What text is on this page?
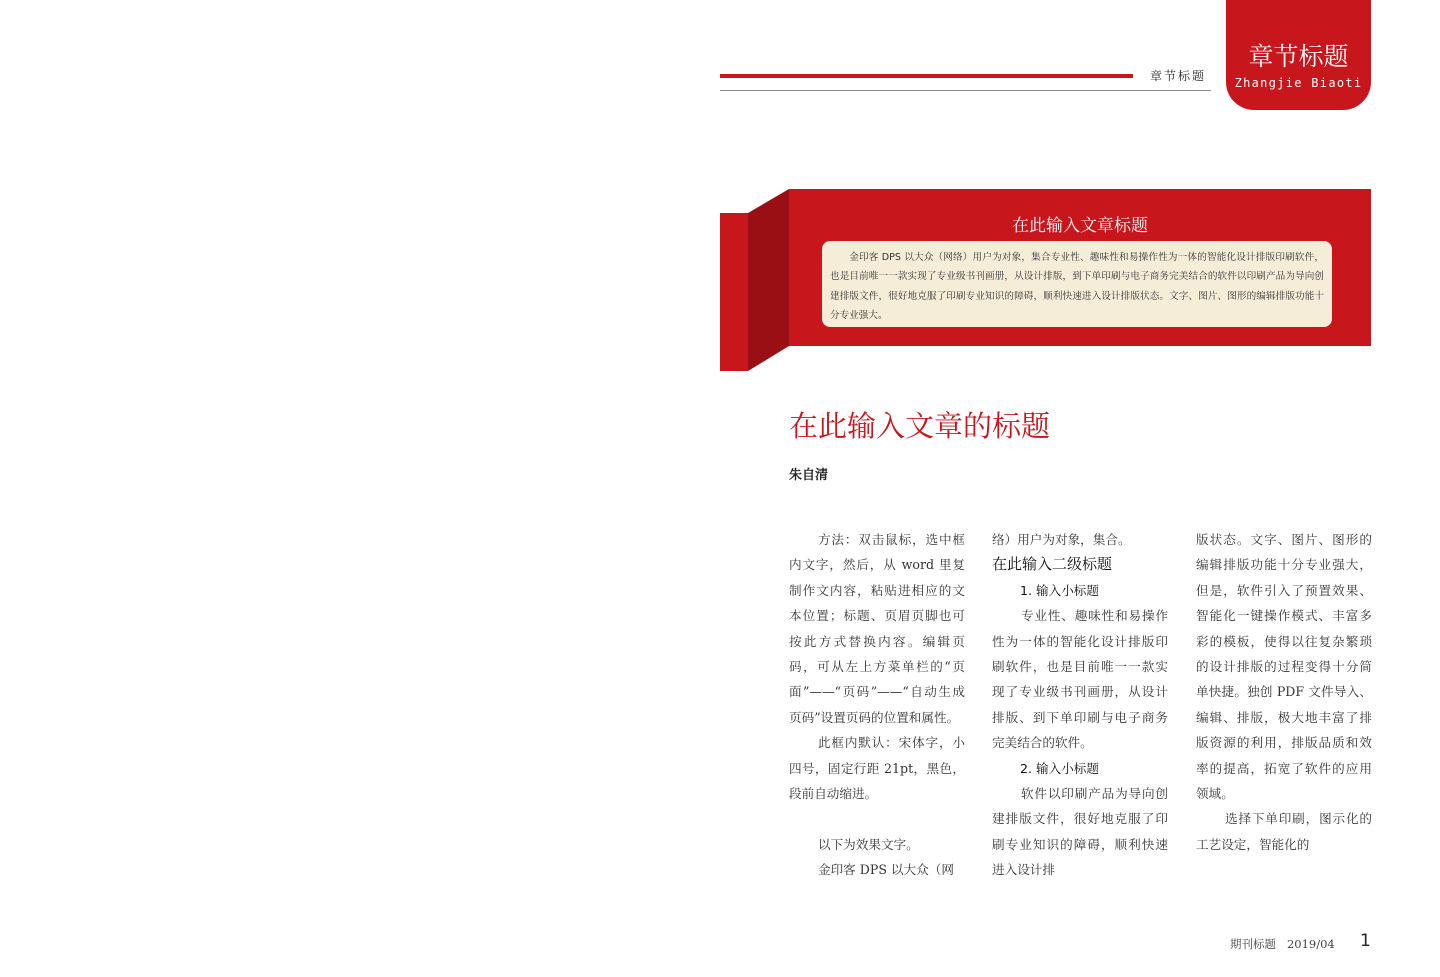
章节标题
章节标题
Zhangjie Biaoti
在此输入文章标题
金印客 DPS 以大众（网络）用户为对象，集合专业性、趣味性和易操作性为一体的智能化设计排版印刷软件，也是目前唯一一款实现了专业级书刊画册，从设计排版，到下单印刷与电子商务完美结合的软件以印刷产品为导向创建排版文件，很好地克服了印刷专业知识的障碍，顺利快速进入设计排版状态。文字、图片、图形的编辑排版功能十分专业强大。
在此输入文章的标题
朱自清

方法：双击鼠标，选中框内文字，然后，从 word 里复制作文内容，粘贴进相应的文本位置；标题、页眉页脚也可按此方式替换内容。编辑页码，可从左上方菜单栏的“页面”——“页码”——“自动生成页码”设置页码的位置和属性。

此框内默认：宋体字，小四号，固定行距 21pt，黑色，段前自动缩进。

以下为效果文字。

金印客 DPS 以大众（网

络）用户为对象，集合。

在此输入二级标题
1. 输入小标题

专业性、趣味性和易操作性为一体的智能化设计排版印刷软件，也是目前唯一一款实现了专业级书刊画册，从设计排版、到下单印刷与电子商务完美结合的软件。

2. 输入小标题

软件以印刷产品为导向创建排版文件，很好地克服了印刷专业知识的障碍，顺利快速进入设计排

版状态。文字、图片、图形的编辑排版功能十分专业强大，但是，软件引入了预置效果、智能化一键操作模式、丰富多彩的模板，使得以往复杂繁琐的设计排版的过程变得十分简单快捷。独创 PDF 文件导入、编辑、排版，极大地丰富了排版资源的利用，排版品质和效率的提高，拓宽了软件的应用领域。

选择下单印刷，图示化的工艺设定，智能化的

期刊标题 2019/04 1
